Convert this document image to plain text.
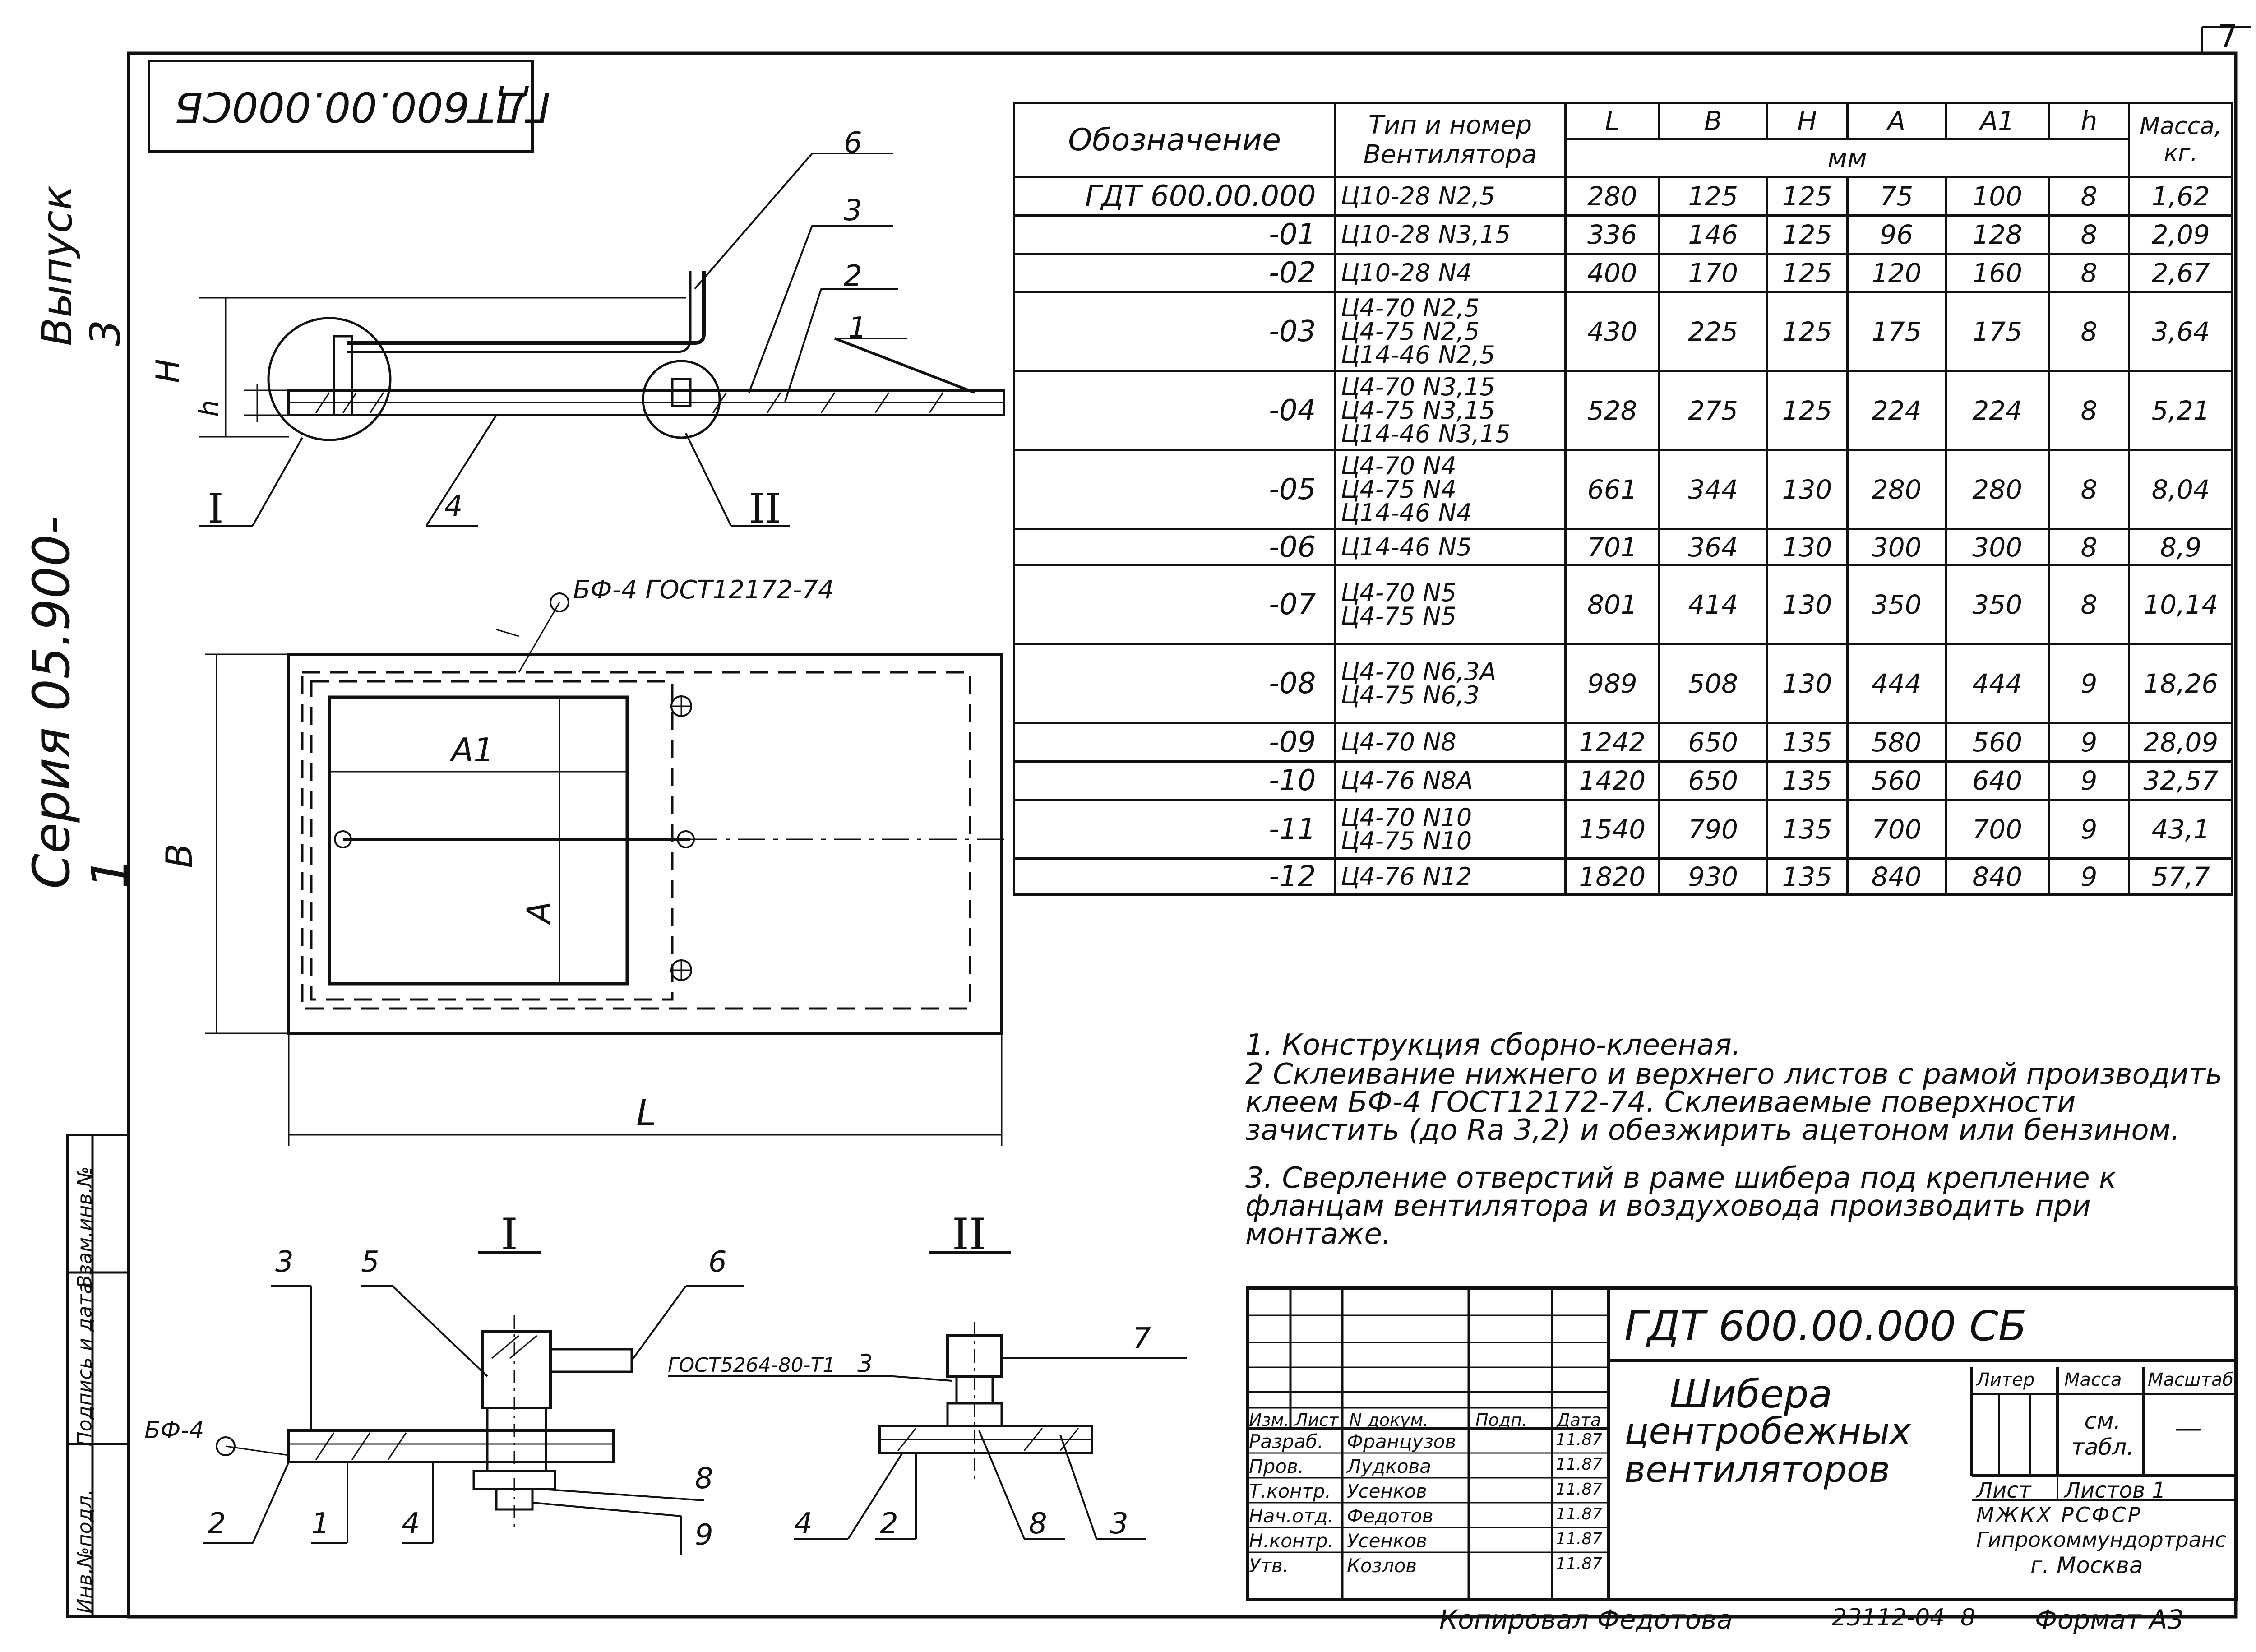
7
ГДТ600.00.000СБ
Серия 05.900-1
Выпуск 3
Инв.№подл.
Подпись и дата
Взам.инв.№
H
h
B
L
A
A1
БФ-4 ГОСТ12172-74
6
3
2
1
I	4	II
I	II
3 5	6
БФ-4
2	1 4
8
9
7
ГОСТ5264-80-Т1 3
4 2	8 3
Обозначение	Тип и номер Вентилятора	L	B	H	A	A1	h	Масса, кг.
		мм						
ГДТ 600.00.000	Ц10-28 N2,5	280	125	125	75	100	8	1,62
-01	Ц10-28 N3,15	336	146	125	96	128	8	2,09
-02	Ц10-28 N4	400	170	125	120	160	8	2,67
-03	Ц4-70 N2,5
Ц4-75 N2,5
Ц14-46 N2,5	430	225	125	175	175	8	3,64
-04	Ц4-70 N3,15
Ц4-75 N3,15
Ц14-46 N3,15	528	275	125	224	224	8	5,21
-05	Ц4-70 N4
Ц4-75 N4
Ц14-46 N4	661	344	130	280	280	8	8,04
-06	Ц14-46 N5	701	364	130	300	300	8	8,9
-07	Ц4-70 N5
Ц4-75 N5	801	414	130	350	350	8	10,14
-08	Ц4-70 N6,3А
Ц4-75 N6,3	989	508	130	444	444	9	18,26
-09	Ц4-70 N8	1242	650	135	580	560	9	28,09
-10	Ц4-76 N8А	1420	650	135	560	640	9	32,57
-11	Ц4-70 N10
Ц4-75 N10	1540	790	135	700	700	9	43,1
-12	Ц4-76 N12	1820	930	135	840	840	9	57,7
1. Конструкция сборно-клееная.
2 Склеивание нижнего и верхнего листов с рамой производить клеем БФ-4 ГОСТ12172-74. Склеиваемые поверхности зачистить (до Ra 3,2) и обезжирить ацетоном или бензином.
3. Сверление отверстий в раме шибера под крепление к фланцам вентилятора и воздуховода производить при монтаже.
ГДТ 600.00.000 СБ
Шибера
центробежных
вентиляторов
Изм. Лист N докум.	Подп. Дата
Разраб. Французов	11.87
Пров. Лудкова	11.87
Т.контр. Усенков	11.87
Нач.отд. Федотов	11.87
Н.контр. Усенков	11.87
Утв.	Козлов	11.87
Литер Масса Масштаб
см. табл.
—
Лист Листов 1
МЖКХ РСФСР
Гипрокоммундортранс
г. Москва
Копировал Федотова	23112-04 8 Формат А3
